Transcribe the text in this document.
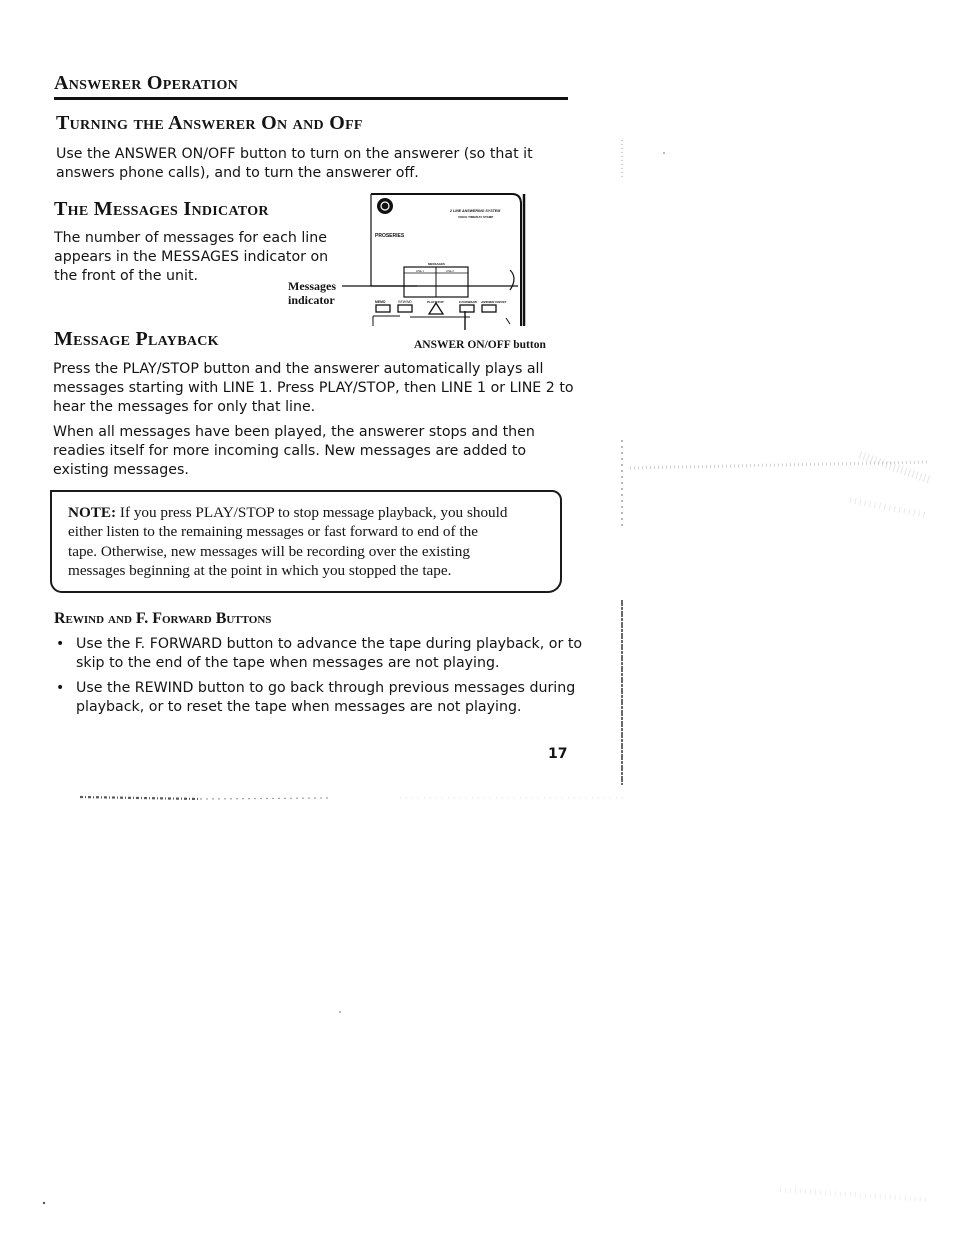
Answerer Operation
Turning the Answerer On and Off
Use the ANSWER ON/OFF button to turn on the answerer (so that it
answers phone calls), and to turn the answerer off.
The Messages Indicator
The number of messages for each line
appears in the MESSAGES indicator on
the front of the unit.
Messages
indicator
ANSWER ON/OFF button
2 LINE ANSWERING SYSTEM
VOICE TIME/DAY STAMP
PROSERIES
MESSAGES
LINE 1	LINE 2
MEMO	REWIND	PLAY/STOP	F.FORWARD	ANSWER ON/OFF
Message Playback
Press the PLAY/STOP button and the answerer automatically plays all
messages starting with LINE 1. Press PLAY/STOP, then LINE 1 or LINE 2 to
hear the messages for only that line.
When all messages have been played, the answerer stops and then
readies itself for more incoming calls. New messages are added to
existing messages.
NOTE: If you press PLAY/STOP to stop message playback, you should
either listen to the remaining messages or fast forward to end of the
tape. Otherwise, new messages will be recording over the existing
messages beginning at the point in which you stopped the tape.
Rewind and F. Forward Buttons
• Use the F. FORWARD button to advance the tape during playback, or to
skip to the end of the tape when messages are not playing.
• Use the REWIND button to go back through previous messages during
playback, or to reset the tape when messages are not playing.
17
